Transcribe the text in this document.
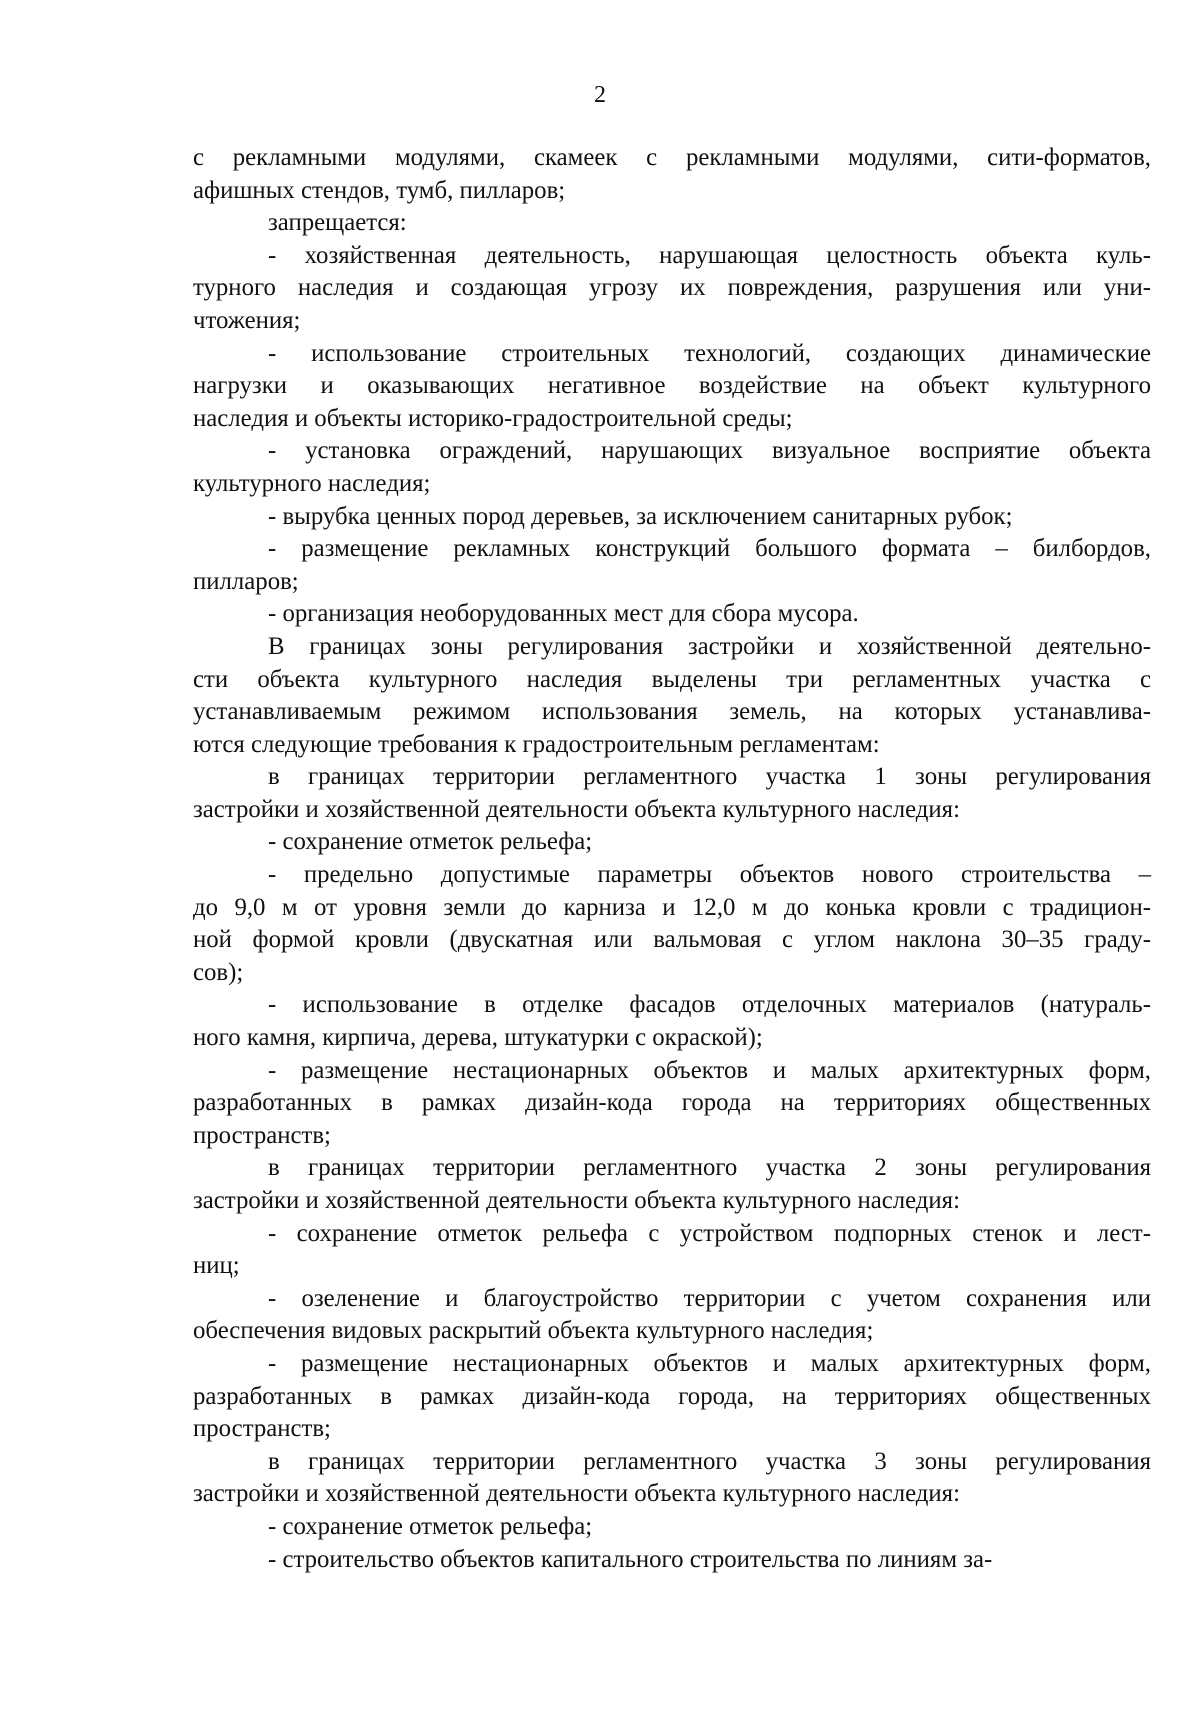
2
с рекламными модулями, скамеек с рекламными модулями, сити-форматов,
афишных стендов, тумб, пилларов;
запрещается:
- хозяйственная деятельность, нарушающая целостность объекта куль-
турного наследия и создающая угрозу их повреждения, разрушения или уни-
чтожения;
- использование строительных технологий, создающих динамические
нагрузки и оказывающих негативное воздействие на объект культурного
наследия и объекты историко-градостроительной среды;
- установка ограждений, нарушающих визуальное восприятие объекта
культурного наследия;
- вырубка ценных пород деревьев, за исключением санитарных рубок;
- размещение рекламных конструкций большого формата – билбордов,
пилларов;
- организация необорудованных мест для сбора мусора.
В границах зоны регулирования застройки и хозяйственной деятельно-
сти объекта культурного наследия выделены три регламентных участка с
устанавливаемым режимом использования земель, на которых устанавлива-
ются следующие требования к градостроительным регламентам:
в границах территории регламентного участка 1 зоны регулирования
застройки и хозяйственной деятельности объекта культурного наследия:
- сохранение отметок рельефа;
- предельно допустимые параметры объектов нового строительства –
до 9,0 м от уровня земли до карниза и 12,0 м до конька кровли с традицион-
ной формой кровли (двускатная или вальмовая с углом наклона 30–35 граду-
сов);
- использование в отделке фасадов отделочных материалов (натураль-
ного камня, кирпича, дерева, штукатурки с окраской);
- размещение нестационарных объектов и малых архитектурных форм,
разработанных в рамках дизайн-кода города на территориях общественных
пространств;
в границах территории регламентного участка 2 зоны регулирования
застройки и хозяйственной деятельности объекта культурного наследия:
- сохранение отметок рельефа с устройством подпорных стенок и лест-
ниц;
- озеленение и благоустройство территории с учетом сохранения или
обеспечения видовых раскрытий объекта культурного наследия;
- размещение нестационарных объектов и малых архитектурных форм,
разработанных в рамках дизайн-кода города, на территориях общественных
пространств;
в границах территории регламентного участка 3 зоны регулирования
застройки и хозяйственной деятельности объекта культурного наследия:
- сохранение отметок рельефа;
- строительство объектов капитального строительства по линиям за-
